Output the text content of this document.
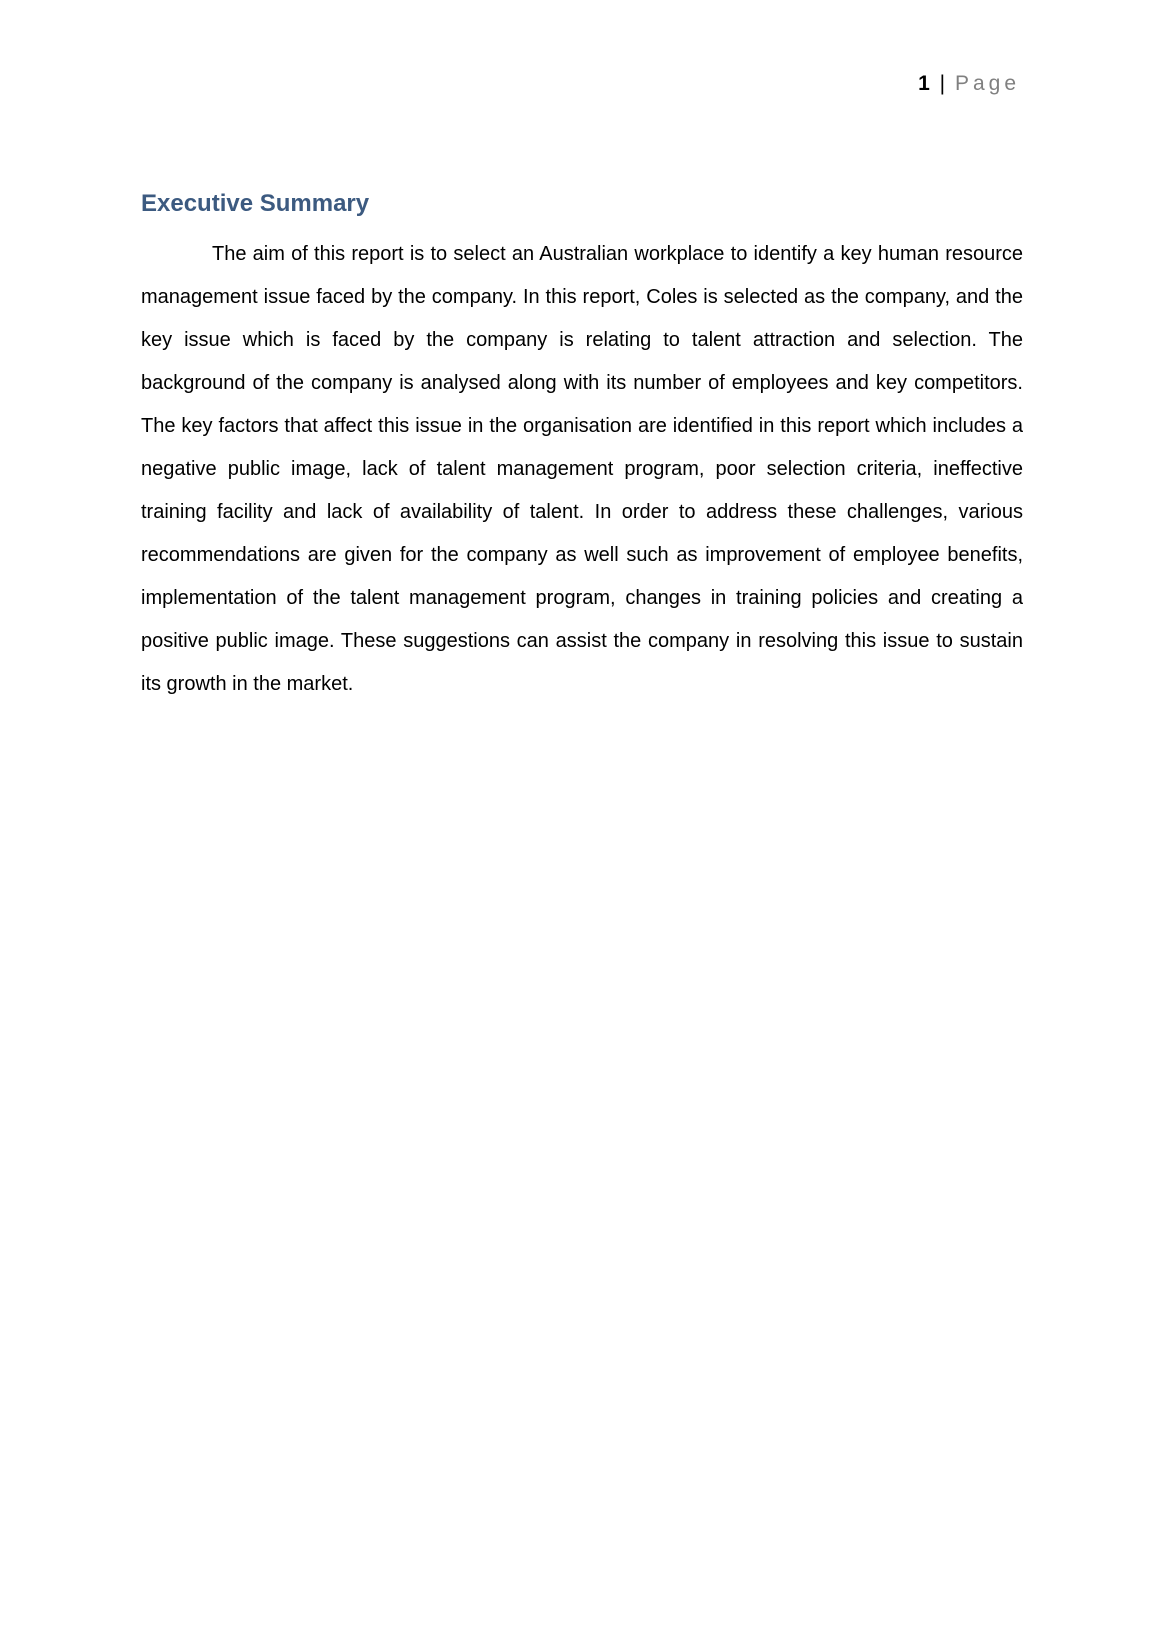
1 | Page
Executive Summary

The aim of this report is to select an Australian workplace to identify a key human resource management issue faced by the company. In this report, Coles is selected as the company, and the key issue which is faced by the company is relating to talent attraction and selection. The background of the company is analysed along with its number of employees and key competitors. The key factors that affect this issue in the organisation are identified in this report which includes a negative public image, lack of talent management program, poor selection criteria, ineffective training facility and lack of availability of talent. In order to address these challenges, various recommendations are given for the company as well such as improvement of employee benefits, implementation of the talent management program, changes in training policies and creating a positive public image. These suggestions can assist the company in resolving this issue to sustain its growth in the market.
